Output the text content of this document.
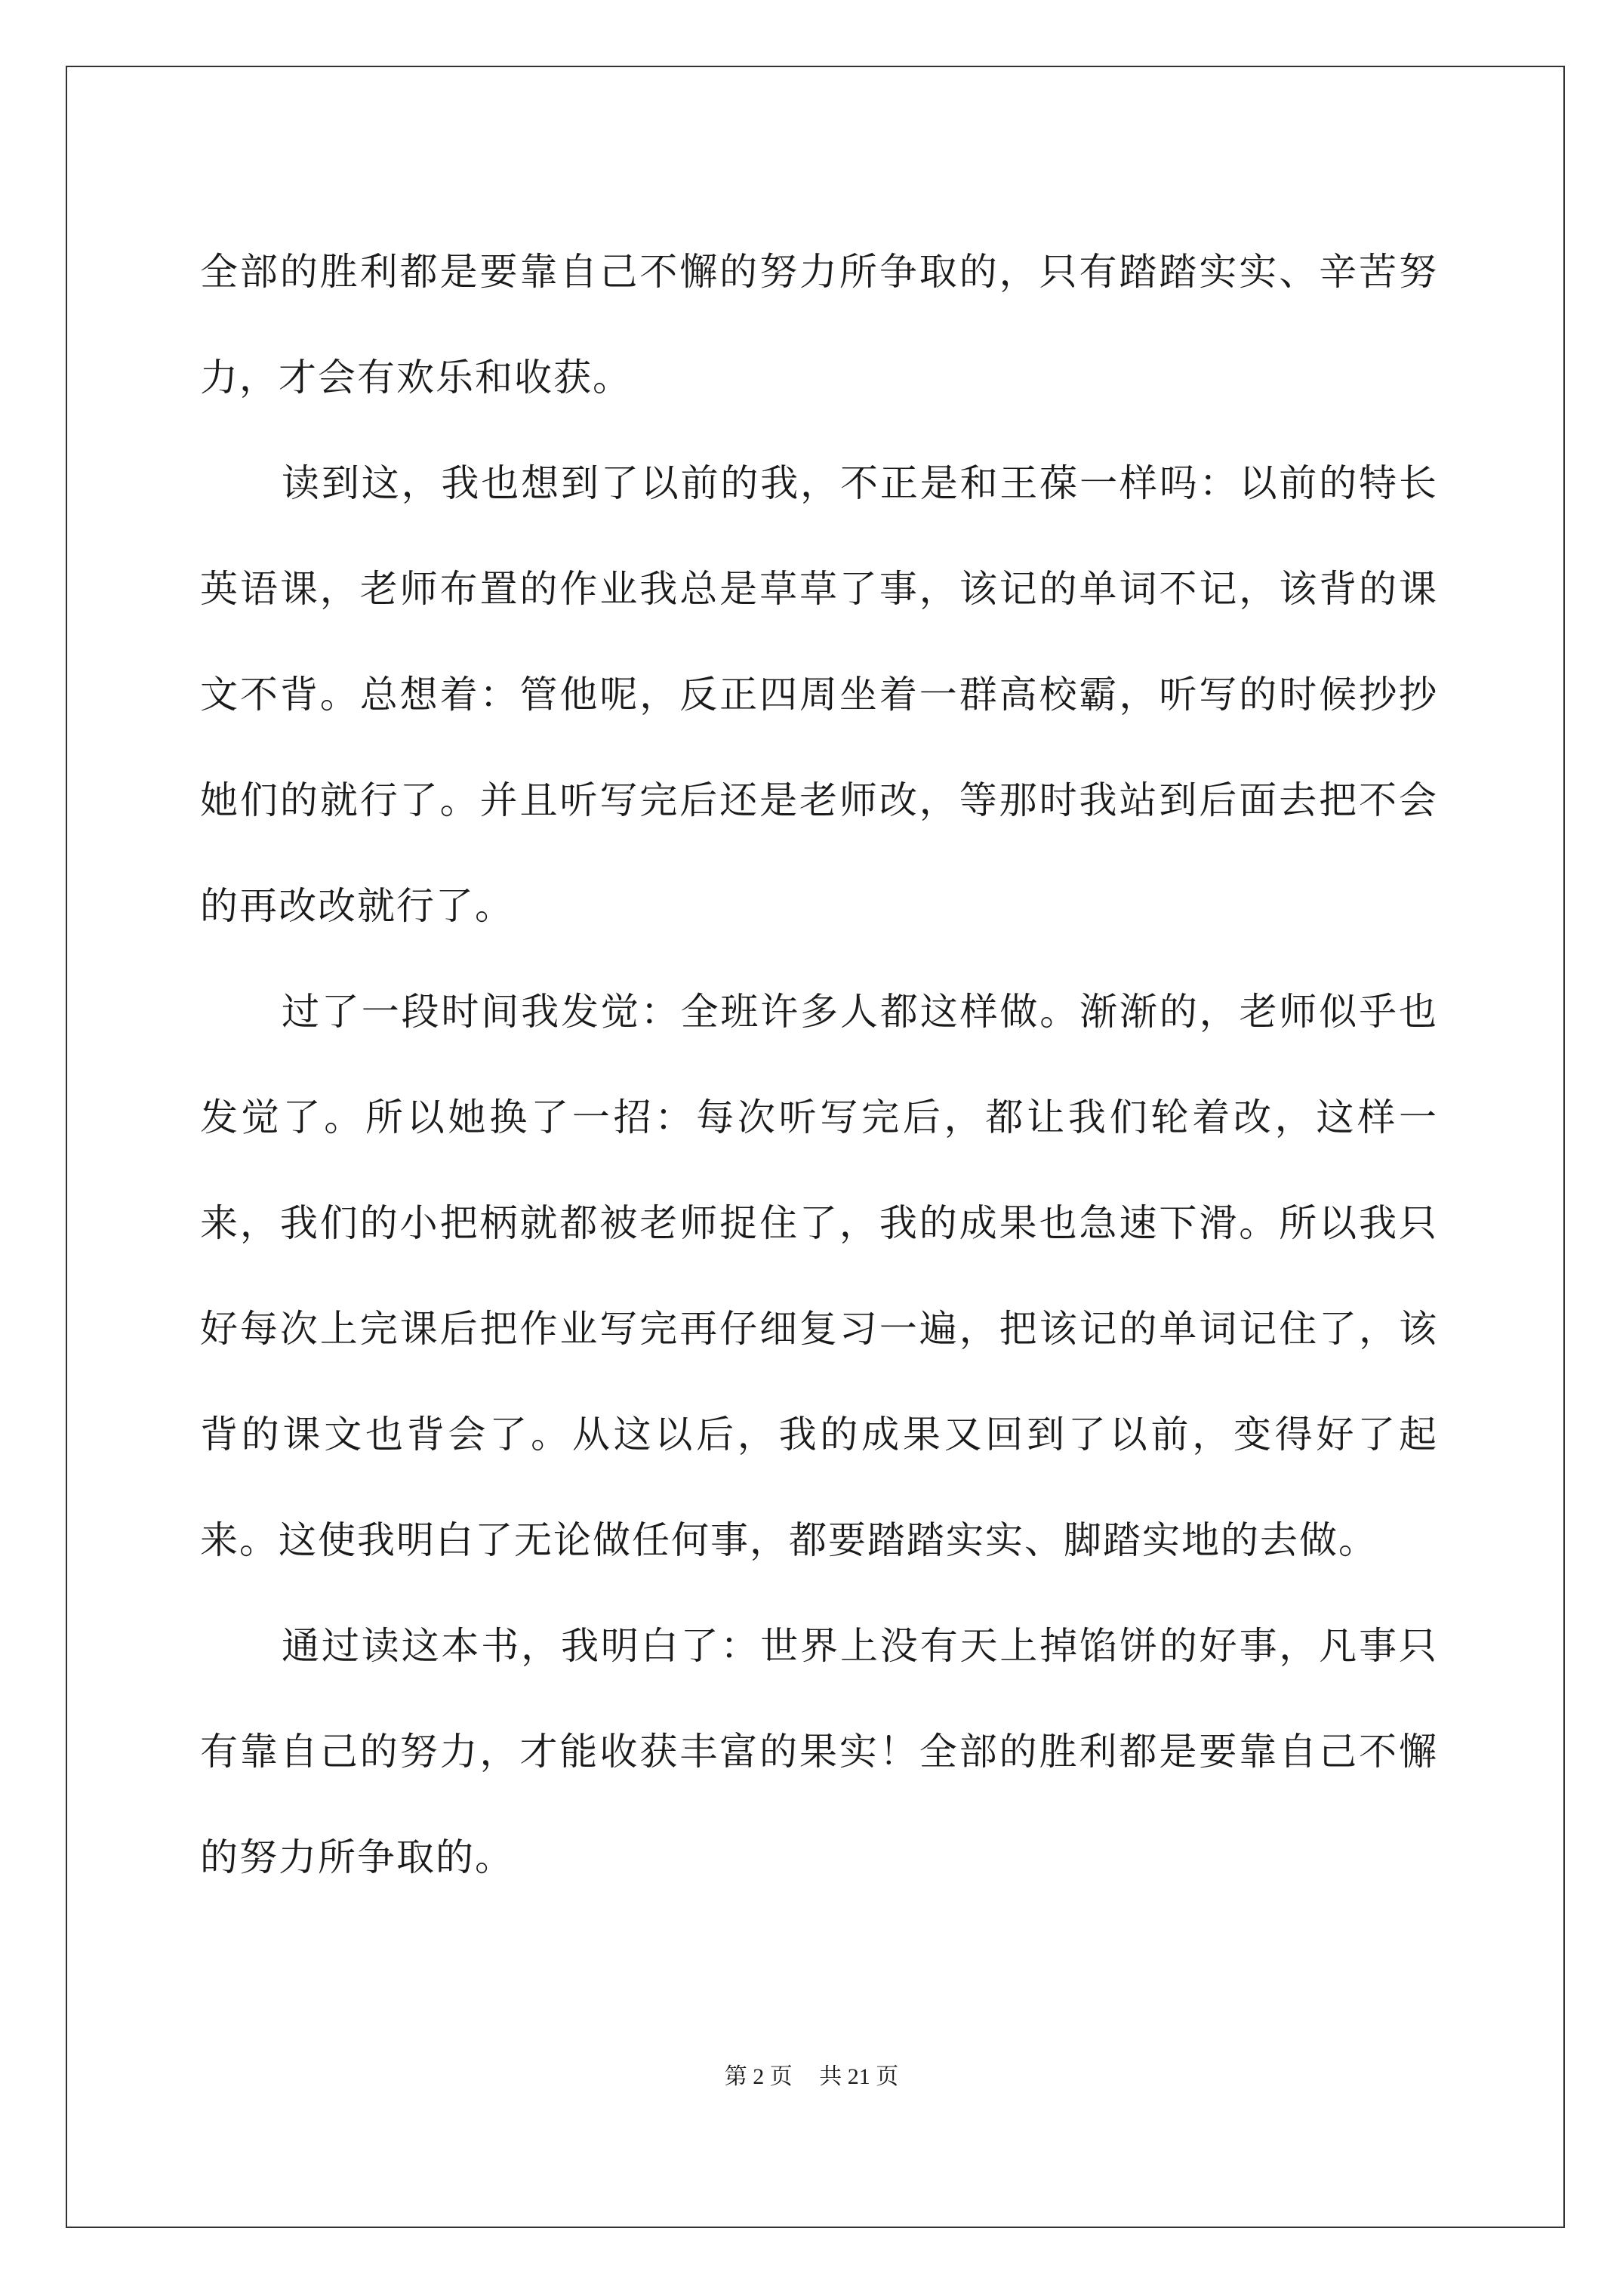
全部的胜利都是要靠自己不懈的努力所争取的，只有踏踏实实、辛苦努力，才会有欢乐和收获。

读到这，我也想到了以前的我，不正是和王葆一样吗：以前的特长英语课，老师布置的作业我总是草草了事，该记的单词不记，该背的课文不背。总想着：管他呢，反正四周坐着一群高校霸，听写的时候抄抄她们的就行了。并且听写完后还是老师改，等那时我站到后面去把不会的再改改就行了。

过了一段时间我发觉：全班许多人都这样做。渐渐的，老师似乎也发觉了。所以她换了一招：每次听写完后，都让我们轮着改，这样一来，我们的小把柄就都被老师捉住了，我的成果也急速下滑。所以我只好每次上完课后把作业写完再仔细复习一遍，把该记的单词记住了，该背的课文也背会了。从这以后，我的成果又回到了以前，变得好了起来。这使我明白了无论做任何事，都要踏踏实实、脚踏实地的去做。

通过读这本书，我明白了：世界上没有天上掉馅饼的好事，凡事只有靠自己的努力，才能收获丰富的果实！全部的胜利都是要靠自己不懈的努力所争取的。

第 2 页 共 21 页
